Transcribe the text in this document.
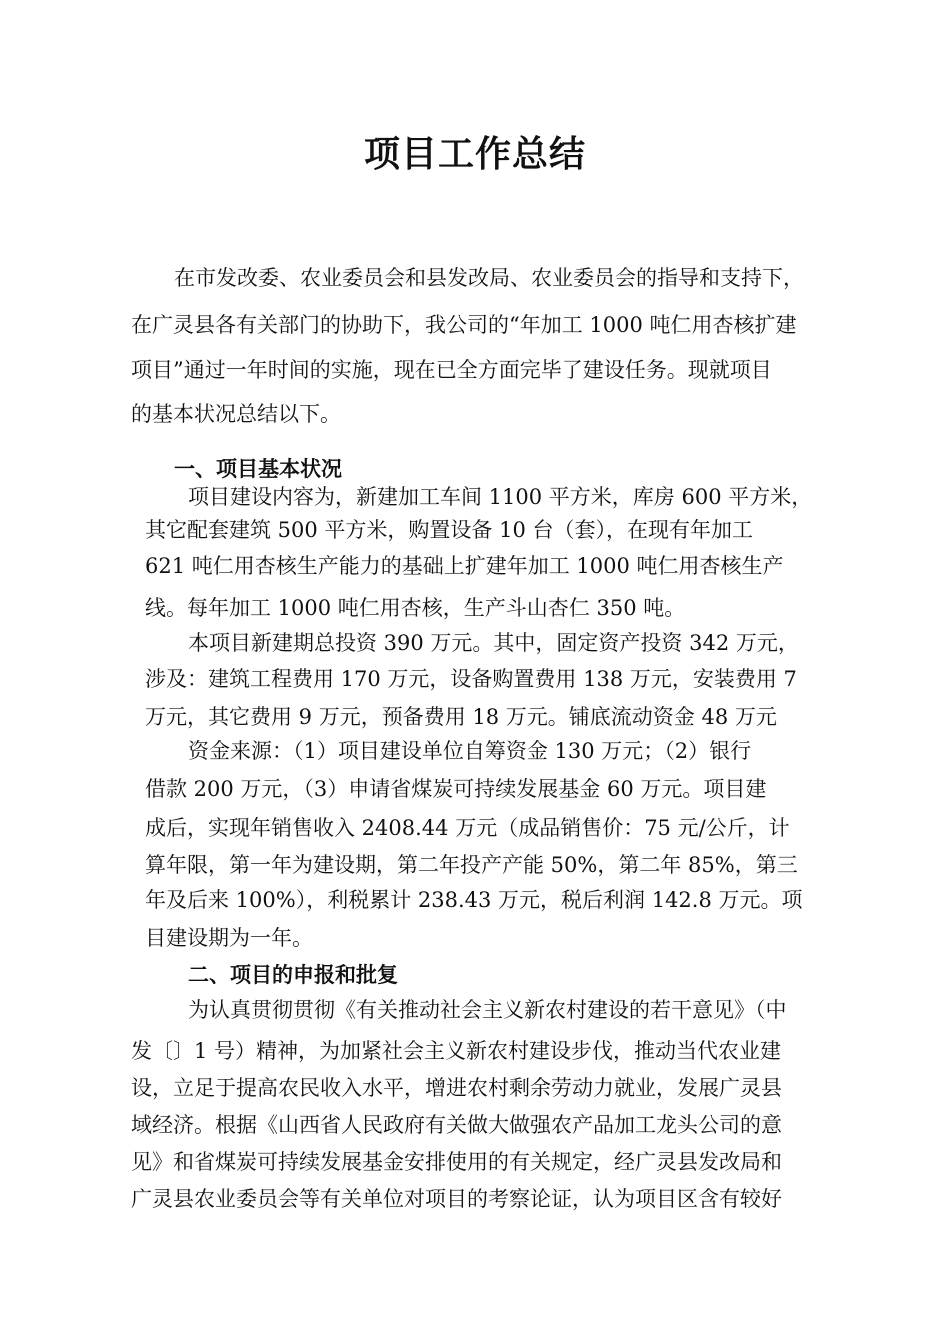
项目工作总结

在市发改委、农业委员会和县发改局、农业委员会的指导和支持下，

在广灵县各有关部门的协助下，我公司的“年加工 1000 吨仁用杏核扩建

项目”通过一年时间的实施，现在已全方面完毕了建设任务。现就项目

的基本状况总结以下。

一、项目基本状况

项目建设内容为，新建加工车间 1100 平方米，库房 600 平方米，

其它配套建筑 500 平方米，购置设备 10 台（套），在现有年加工

621 吨仁用杏核生产能力的基础上扩建年加工 1000 吨仁用杏核生产

线。每年加工 1000 吨仁用杏核，生产斗山杏仁 350 吨。

本项目新建期总投资 390 万元。其中，固定资产投资 342 万元，

涉及：建筑工程费用 170 万元，设备购置费用 138 万元，安装费用 7

万元，其它费用 9 万元，预备费用 18 万元。铺底流动资金 48 万元

资金来源：（1）项目建设单位自筹资金 130 万元；（2）银行

借款 200 万元，（3）申请省煤炭可持续发展基金 60 万元。项目建

成后，实现年销售收入 2408.44 万元（成品销售价：75 元/公斤，计

算年限，第一年为建设期，第二年投产产能 50%，第二年 85%，第三

年及后来 100%），利税累计 238.43 万元，税后利润 142.8 万元。项

目建设期为一年。

二、项目的申报和批复

为认真贯彻贯彻《有关推动社会主义新农村建设的若干意见》（中

发〔〕1 号）精神，为加紧社会主义新农村建设步伐，推动当代农业建

设，立足于提高农民收入水平，增进农村剩余劳动力就业，发展广灵县

域经济。根据《山西省人民政府有关做大做强农产品加工龙头公司的意

见》和省煤炭可持续发展基金安排使用的有关规定，经广灵县发改局和

广灵县农业委员会等有关单位对项目的考察论证，认为项目区含有较好
